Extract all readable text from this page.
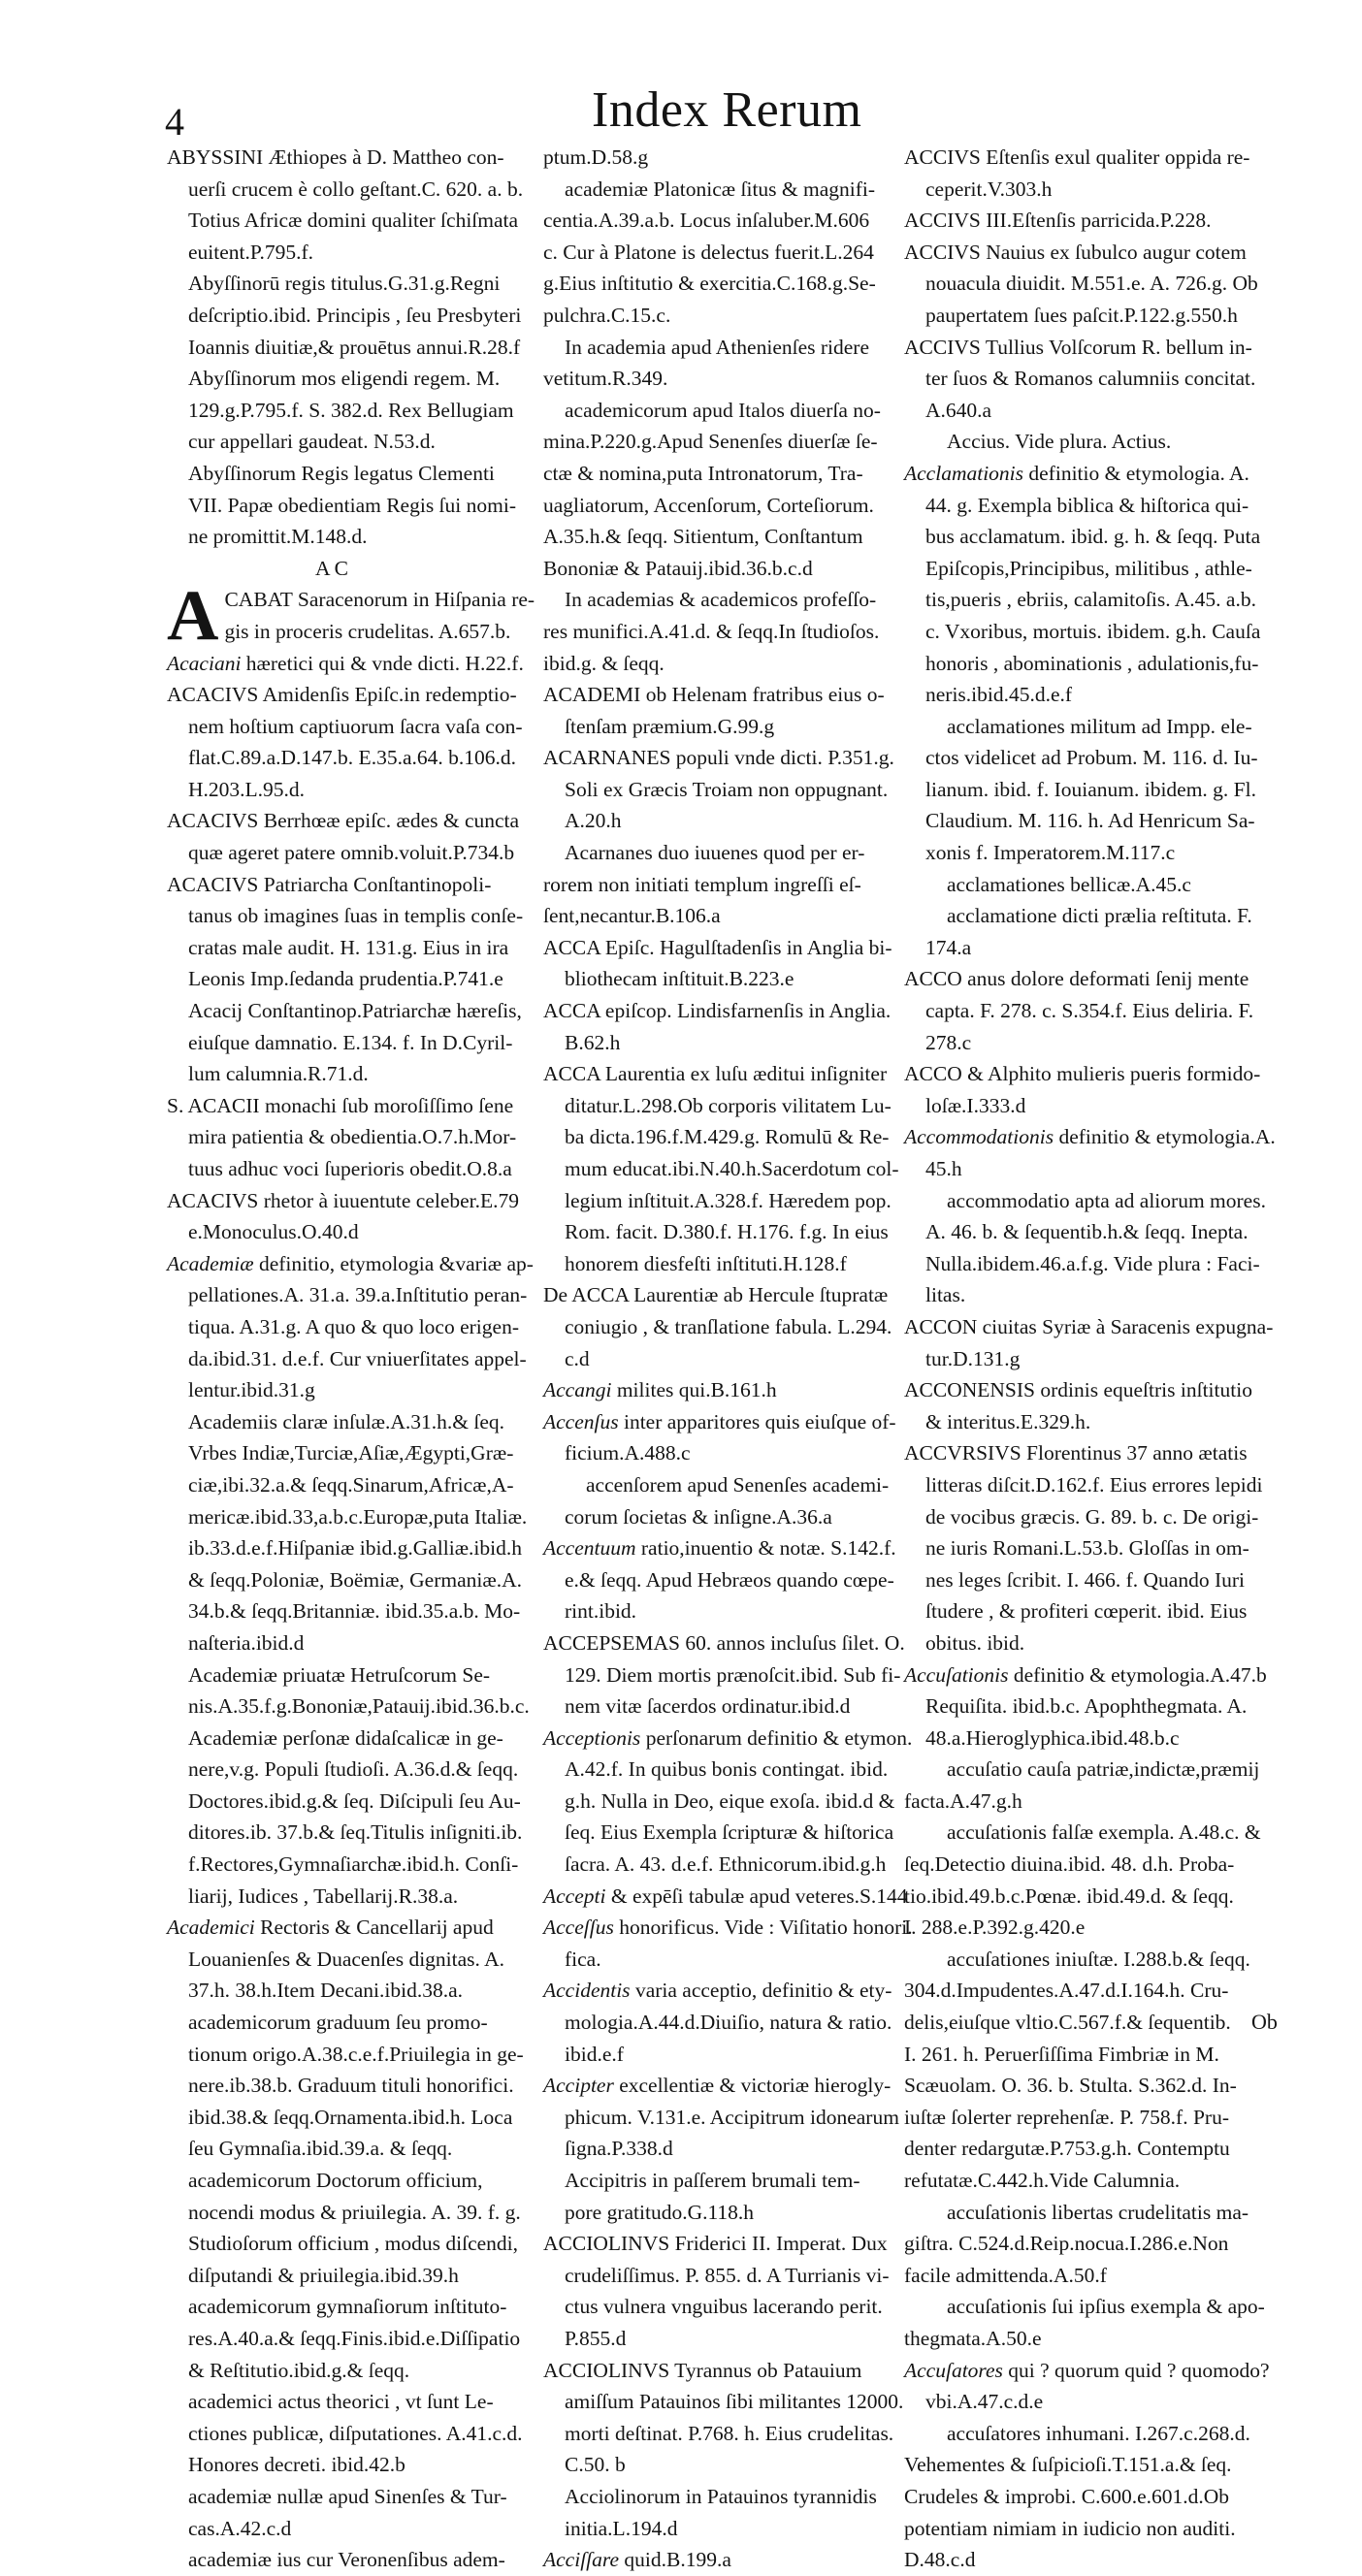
4	Index Rerum
ABYSSINI Æthiopes à D. Mattheo con-
uerſi crucem è collo geſtant.C. 620. a. b.
Totius Africæ domini qualiter ſchiſmata
euitent.P.795.f.
Abyſſinorū regis titulus.G.31.g.Regni
deſcriptio.ibid. Principis , ſeu Presbyteri
Ioannis diuitiæ,& prouētus annui.R.28.f
Abyſſinorum mos eligendi regem. M.
129.g.P.795.f. S. 382.d. Rex Bellugiam
cur appellari gaudeat. N.53.d.
Abyſſinorum Regis legatus Clementi
VII. Papæ obedientiam Regis ſui nomi-
ne promittit.M.148.d.
A C
ACABAT Saracenorum in Hiſpania re-
gis in proceris crudelitas. A.657.b.
Acaciani hæretici qui & vnde dicti. H.22.f.
ACACIVS Amidenſis Epiſc.in redemptio-
nem hoſtium captiuorum ſacra vaſa con-
flat.C.89.a.D.147.b. E.35.a.64. b.106.d.
H.203.L.95.d.
ACACIVS Berrhœæ epiſc. ædes & cuncta
quæ ageret patere omnib.voluit.P.734.b
ACACIVS Patriarcha Conſtantinopoli-
tanus ob imagines ſuas in templis conſe-
cratas male audit. H. 131.g. Eius in ira
Leonis Imp.ſedanda prudentia.P.741.e
Acacij Conſtantinop.Patriarchæ hæreſis,
eiuſque damnatio. E.134. f. In D.Cyril-
lum calumnia.R.71.d.
S. ACACII monachi ſub moroſiſſimo ſene
mira patientia & obedientia.O.7.h.Mor-
tuus adhuc voci ſuperioris obedit.O.8.a
ACACIVS rhetor à iuuentute celeber.E.79
e.Monoculus.O.40.d
Academiæ definitio, etymologia &variæ ap-
pellationes.A. 31.a. 39.a.Inſtitutio peran-
tiqua. A.31.g. A quo & quo loco erigen-
da.ibid.31. d.e.f. Cur vniuerſitates appel-
lentur.ibid.31.g
Academiis claræ inſulæ.A.31.h.& ſeq.
Vrbes Indiæ,Turciæ,Aſiæ,Ægypti,Græ-
ciæ,ibi.32.a.& ſeqq.Sinarum,Africæ,A-
mericæ.ibid.33,a.b.c.Europæ,puta Italiæ.
ib.33.d.e.f.Hiſpaniæ ibid.g.Galliæ.ibid.h
& ſeqq.Poloniæ, Boëmiæ, Germaniæ.A.
34.b.& ſeqq.Britanniæ. ibid.35.a.b. Mo-
naſteria.ibid.d
Academiæ priuatæ Hetruſcorum Se-
nis.A.35.f.g.Bononiæ,Patauij.ibid.36.b.c.
Academiæ perſonæ didaſcalicæ in ge-
nere,v.g. Populi ſtudioſi. A.36.d.& ſeqq.
Doctores.ibid.g.& ſeq. Diſcipuli ſeu Au-
ditores.ib. 37.b.& ſeq.Titulis inſigniti.ib.
f.Rectores,Gymnaſiarchæ.ibid.h. Conſi-
liarij, Iudices , Tabellarij.R.38.a.
Academici Rectoris & Cancellarij apud
Louanienſes & Duacenſes dignitas. A.
37.h. 38.h.Item Decani.ibid.38.a.
academicorum graduum ſeu promo-
tionum origo.A.38.c.e.f.Priuilegia in ge-
nere.ib.38.b. Graduum tituli honorifici.
ibid.38.& ſeqq.Ornamenta.ibid.h. Loca
ſeu Gymnaſia.ibid.39.a. & ſeqq.
academicorum Doctorum officium,
nocendi modus & priuilegia. A. 39. f. g.
Studioſorum officium , modus diſcendi,
diſputandi & priuilegia.ibid.39.h
academicorum gymnaſiorum inſtituto-
res.A.40.a.& ſeqq.Finis.ibid.e.Diſſipatio
& Reſtitutio.ibid.g.& ſeqq.
academici actus theorici , vt ſunt Le-
ctiones publicæ, diſputationes. A.41.c.d.
Honores decreti. ibid.42.b
academiæ nullæ apud Sinenſes & Tur-
cas.A.42.c.d
academiæ ius cur Veronenſibus adem-
ptum.D.58.g
academiæ Platonicæ ſitus & magnifi-
centia.A.39.a.b. Locus inſaluber.M.606
c. Cur à Platone is delectus fuerit.L.264
g.Eius inſtitutio & exercitia.C.168.g.Se-
pulchra.C.15.c.
In academia apud Athenienſes ridere
vetitum.R.349.
academicorum apud Italos diuerſa no-
mina.P.220.g.Apud Senenſes diuerſæ ſe-
ctæ & nomina,puta Intronatorum, Tra-
uagliatorum, Accenſorum, Corteſiorum.
A.35.h.& ſeqq. Sitientum, Conſtantum
Bononiæ & Patauij.ibid.36.b.c.d
In academias & academicos profeſſo-
res munifici.A.41.d. & ſeqq.In ſtudioſos.
ibid.g. & ſeqq.
ACADEMI ob Helenam fratribus eius o-
ſtenſam præmium.G.99.g
ACARNANES populi vnde dicti. P.351.g.
Soli ex Græcis Troiam non oppugnant.
A.20.h
Acarnanes duo iuuenes quod per er-
rorem non initiati templum ingreſſi eſ-
ſent,necantur.B.106.a
ACCA Epiſc. Hagulſtadenſis in Anglia bi-
bliothecam inſtituit.B.223.e
ACCA epiſcop. Lindisfarnenſis in Anglia.
B.62.h
ACCA Laurentia ex luſu æditui inſigniter
ditatur.L.298.Ob corporis vilitatem Lu-
ba dicta.196.f.M.429.g. Romulū & Re-
mum educat.ibi.N.40.h.Sacerdotum col-
legium inſtituit.A.328.f. Hæredem pop.
Rom. facit. D.380.f. H.176. f.g. In eius
honorem diesfeſti inſtituti.H.128.f
De ACCA Laurentiæ ab Hercule ſtupratæ
coniugio , & tranſlatione fabula. L.294.
c.d
Accangi milites qui.B.161.h
Accenſus inter apparitores quis eiuſque of-
ficium.A.488.c
accenſorem apud Senenſes academi-
corum ſocietas & inſigne.A.36.a
Accentuum ratio,inuentio & notæ. S.142.f.
e.& ſeqq. Apud Hebræos quando cœpe-
rint.ibid.
ACCEPSEMAS 60. annos incluſus ſilet. O.
129. Diem mortis prænoſcit.ibid. Sub fi-
nem vitæ ſacerdos ordinatur.ibid.d
Acceptionis perſonarum definitio & etymon.
A.42.f. In quibus bonis contingat. ibid.
g.h. Nulla in Deo, eique exoſa. ibid.d &
ſeq. Eius Exempla ſcripturæ & hiſtorica
ſacra. A. 43. d.e.f. Ethnicorum.ibid.g.h
Accepti & expēſi tabulæ apud veteres.S.144
Acceſſus honorificus. Vide : Viſitatio honori.
fica.
Accidentis varia acceptio, definitio & ety-
mologia.A.44.d.Diuiſio, natura & ratio.
ibid.e.f
Accipter excellentiæ & victoriæ hierogly-
phicum. V.131.e. Accipitrum idonearum
ſigna.P.338.d
Accipitris in paſſerem brumali tem-
pore gratitudo.G.118.h
ACCIOLINVS Friderici II. Imperat. Dux
crudeliſſimus. P. 855. d. A Turrianis vi-
ctus vulnera vnguibus lacerando perit.
P.855.d
ACCIOLINVS Tyrannus ob Patauium
amiſſum Patauinos ſibi militantes 12000.
morti deſtinat. P.768. h. Eius crudelitas.
C.50. b
Acciolinorum in Patauinos tyrannidis
initia.L.194.d
Acciſſare quid.B.199.a
ACCIVS Eſtenſis exul qualiter oppida re-
ceperit.V.303.h
ACCIVS III.Eſtenſis parricida.P.228.
ACCIVS Nauius ex ſubulco augur cotem
nouacula diuidit. M.551.e. A. 726.g. Ob
paupertatem ſues paſcit.P.122.g.550.h
ACCIVS Tullius Volſcorum R. bellum in-
ter ſuos & Romanos calumniis concitat.
A.640.a
Accius. Vide plura. Actius.
Acclamationis definitio & etymologia. A.
44. g. Exempla biblica & hiſtorica qui-
bus acclamatum. ibid. g. h. & ſeqq. Puta
Epiſcopis,Principibus, militibus , athle-
tis,pueris , ebriis, calamitoſis. A.45. a.b.
c. Vxoribus, mortuis. ibidem. g.h. Cauſa
honoris , abominationis , adulationis,fu-
neris.ibid.45.d.e.f
acclamationes militum ad Impp. ele-
ctos videlicet ad Probum. M. 116. d. Iu-
lianum. ibid. f. Iouianum. ibidem. g. Fl.
Claudium. M. 116. h. Ad Henricum Sa-
xonis f. Imperatorem.M.117.c
acclamationes bellicæ.A.45.c
acclamatione dicti prælia reſtituta. F.
174.a
ACCO anus dolore deformati ſenij mente
capta. F. 278. c. S.354.f. Eius deliria. F.
278.c
ACCO & Alphito mulieris pueris formido-
loſæ.I.333.d
Accommodationis definitio & etymologia.A.
45.h
accommodatio apta ad aliorum mores.
A. 46. b. & ſequentib.h.& ſeqq. Inepta.
Nulla.ibidem.46.a.f.g. Vide plura : Faci-
litas.
ACCON ciuitas Syriæ à Saracenis expugna-
tur.D.131.g
ACCONENSIS ordinis equeſtris inſtitutio
& interitus.E.329.h.
ACCVRSIVS Florentinus 37 anno ætatis
litteras diſcit.D.162.f. Eius errores lepidi
de vocibus græcis. G. 89. b. c. De origi-
ne iuris Romani.L.53.b. Gloſſas in om-
nes leges ſcribit. I. 466. f. Quando Iuri
ſtudere , & profiteri cœperit. ibid. Eius
obitus. ibid.
Accuſationis definitio & etymologia.A.47.b
Requiſita. ibid.b.c. Apophthegmata. A.
48.a.Hieroglyphica.ibid.48.b.c
accuſatio cauſa patriæ,indictæ,præmij
facta.A.47.g.h
accuſationis falſæ exempla. A.48.c. &
ſeq.Detectio diuina.ibid. 48. d.h. Proba-
tio.ibid.49.b.c.Pœnæ. ibid.49.d. & ſeqq.
I. 288.e.P.392.g.420.e
accuſationes iniuſtæ. I.288.b.& ſeqq.
304.d.Impudentes.A.47.d.I.164.h. Cru-
delis,eiuſque vltio.C.567.f.& ſequentib.
I. 261. h. Peruerſiſſima Fimbriæ in M.
Scæuolam. O. 36. b. Stulta. S.362.d. In-
iuſtæ ſolerter reprehenſæ. P. 758.f. Pru-
denter redargutæ.P.753.g.h. Contemptu
refutatæ.C.442.h.Vide Calumnia.
accuſationis libertas crudelitatis ma-
giſtra. C.524.d.Reip.nocua.I.286.e.Non
facile admittenda.A.50.f
accuſationis ſui ipſius exempla & apo-
thegmata.A.50.e
Accuſatores qui ? quorum quid ? quomodo?
vbi.A.47.c.d.e
accuſatores inhumani. I.267.c.268.d.
Vehementes & ſuſpicioſi.T.151.a.& ſeq.
Crudeles & improbi. C.600.e.601.d.Ob
potentiam nimiam in iudicio non auditi.
D.48.c.d
Ob
